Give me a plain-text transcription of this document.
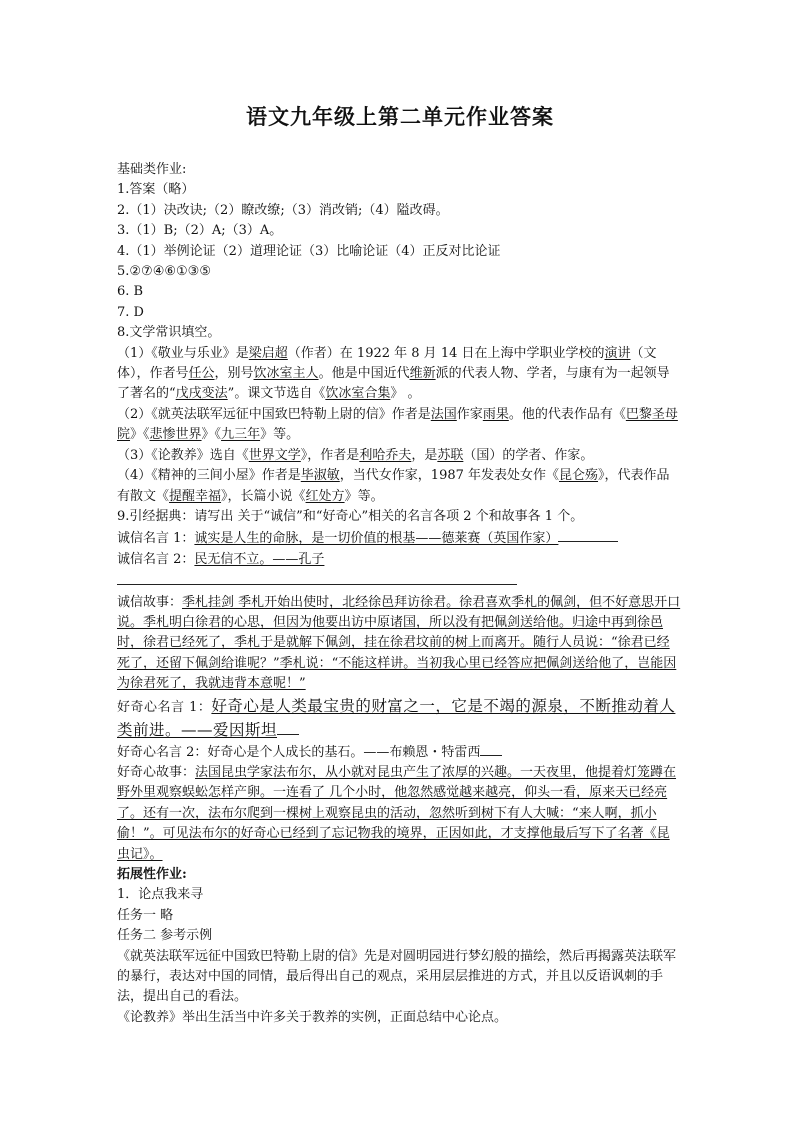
语文九年级上第二单元作业答案

基础类作业:

1.答案（略）

2.（1）决改诀;（2）瞭改缭;（3）消改销;（4）隘改碍。

3.（1）B;（2）A;（3）A。

4.（1）举例论证（2）道理论证（3）比喻论证（4）正反对比论证

5.②⑦④⑥①③⑤

6. B

7. D

8.文学常识填空。

（1）《敬业与乐业》是梁启超（作者）在 1922 年 8 月 14 日在上海中学职业学校的演讲（文体），作者号任公，别号饮冰室主人。他是中国近代维新派的代表人物、学者，与康有为一起领导了著名的“戊戌变法”。课文节选自《饮冰室合集》 。

（2）《就英法联军远征中国致巴特勒上尉的信》作者是法国作家雨果。他的代表作品有《巴黎圣母院》《悲惨世界》《九三年》等。

（3）《论教养》选自《世界文学》，作者是利哈乔夫，是苏联（国）的学者、作家。

（4）《精神的三间小屋》作者是毕淑敏，当代女作家，1987 年发表处女作《昆仑殇》，代表作品有散文《提醒幸福》，长篇小说《红处方》等。

9.引经据典：请写出 关于“诚信”和“好奇心”相关的名言各项 2 个和故事各 1 个。

诚信名言 1：诚实是人生的命脉，是一切价值的根基——德莱赛（英国作家）

诚信名言 2：民无信不立。——孔子

诚信故事：季札挂剑 季札开始出使时，北经徐邑拜访徐君。徐君喜欢季札的佩剑，但不好意思开口说。季札明白徐君的心思，但因为他要出访中原诸国，所以没有把佩剑送给他。归途中再到徐邑时，徐君已经死了，季札于是就解下佩剑，挂在徐君坟前的树上而离开。随行人员说：“徐君已经死了，还留下佩剑给谁呢？”季札说：“不能这样讲。当初我心里已经答应把佩剑送给他了，岂能因为徐君死了，我就违背本意呢！”

好奇心名言 1：好奇心是人类最宝贵的财富之一，它是不竭的源泉，不断推动着人类前进。——爱因斯坦

好奇心名言 2：好奇心是个人成长的基石。——布赖恩・特雷西

好奇心故事：法国昆虫学家法布尔，从小就对昆虫产生了浓厚的兴趣。一天夜里，他提着灯笼蹲在野外里观察蜈蚣怎样产卵。一连看了 几个小时，他忽然感觉越来越亮，仰头一看，原来天已经亮了。还有一次，法布尔爬到一棵树上观察昆虫的活动，忽然听到树下有人大喊：“来人啊，抓小偷！”。可见法布尔的好奇心已经到了忘记物我的境界，正因如此，才支撑他最后写下了名著《昆虫记》。

拓展性作业:

1．论点我来寻

任务一 略

任务二 参考示例

《就英法联军远征中国致巴特勒上尉的信》先是对圆明园进行梦幻般的描绘，然后再揭露英法联军的暴行，表达对中国的同情，最后得出自己的观点，采用层层推进的方式，并且以反语讽刺的手法，提出自己的看法。

《论教养》举出生活当中许多关于教养的实例，正面总结中心论点。
